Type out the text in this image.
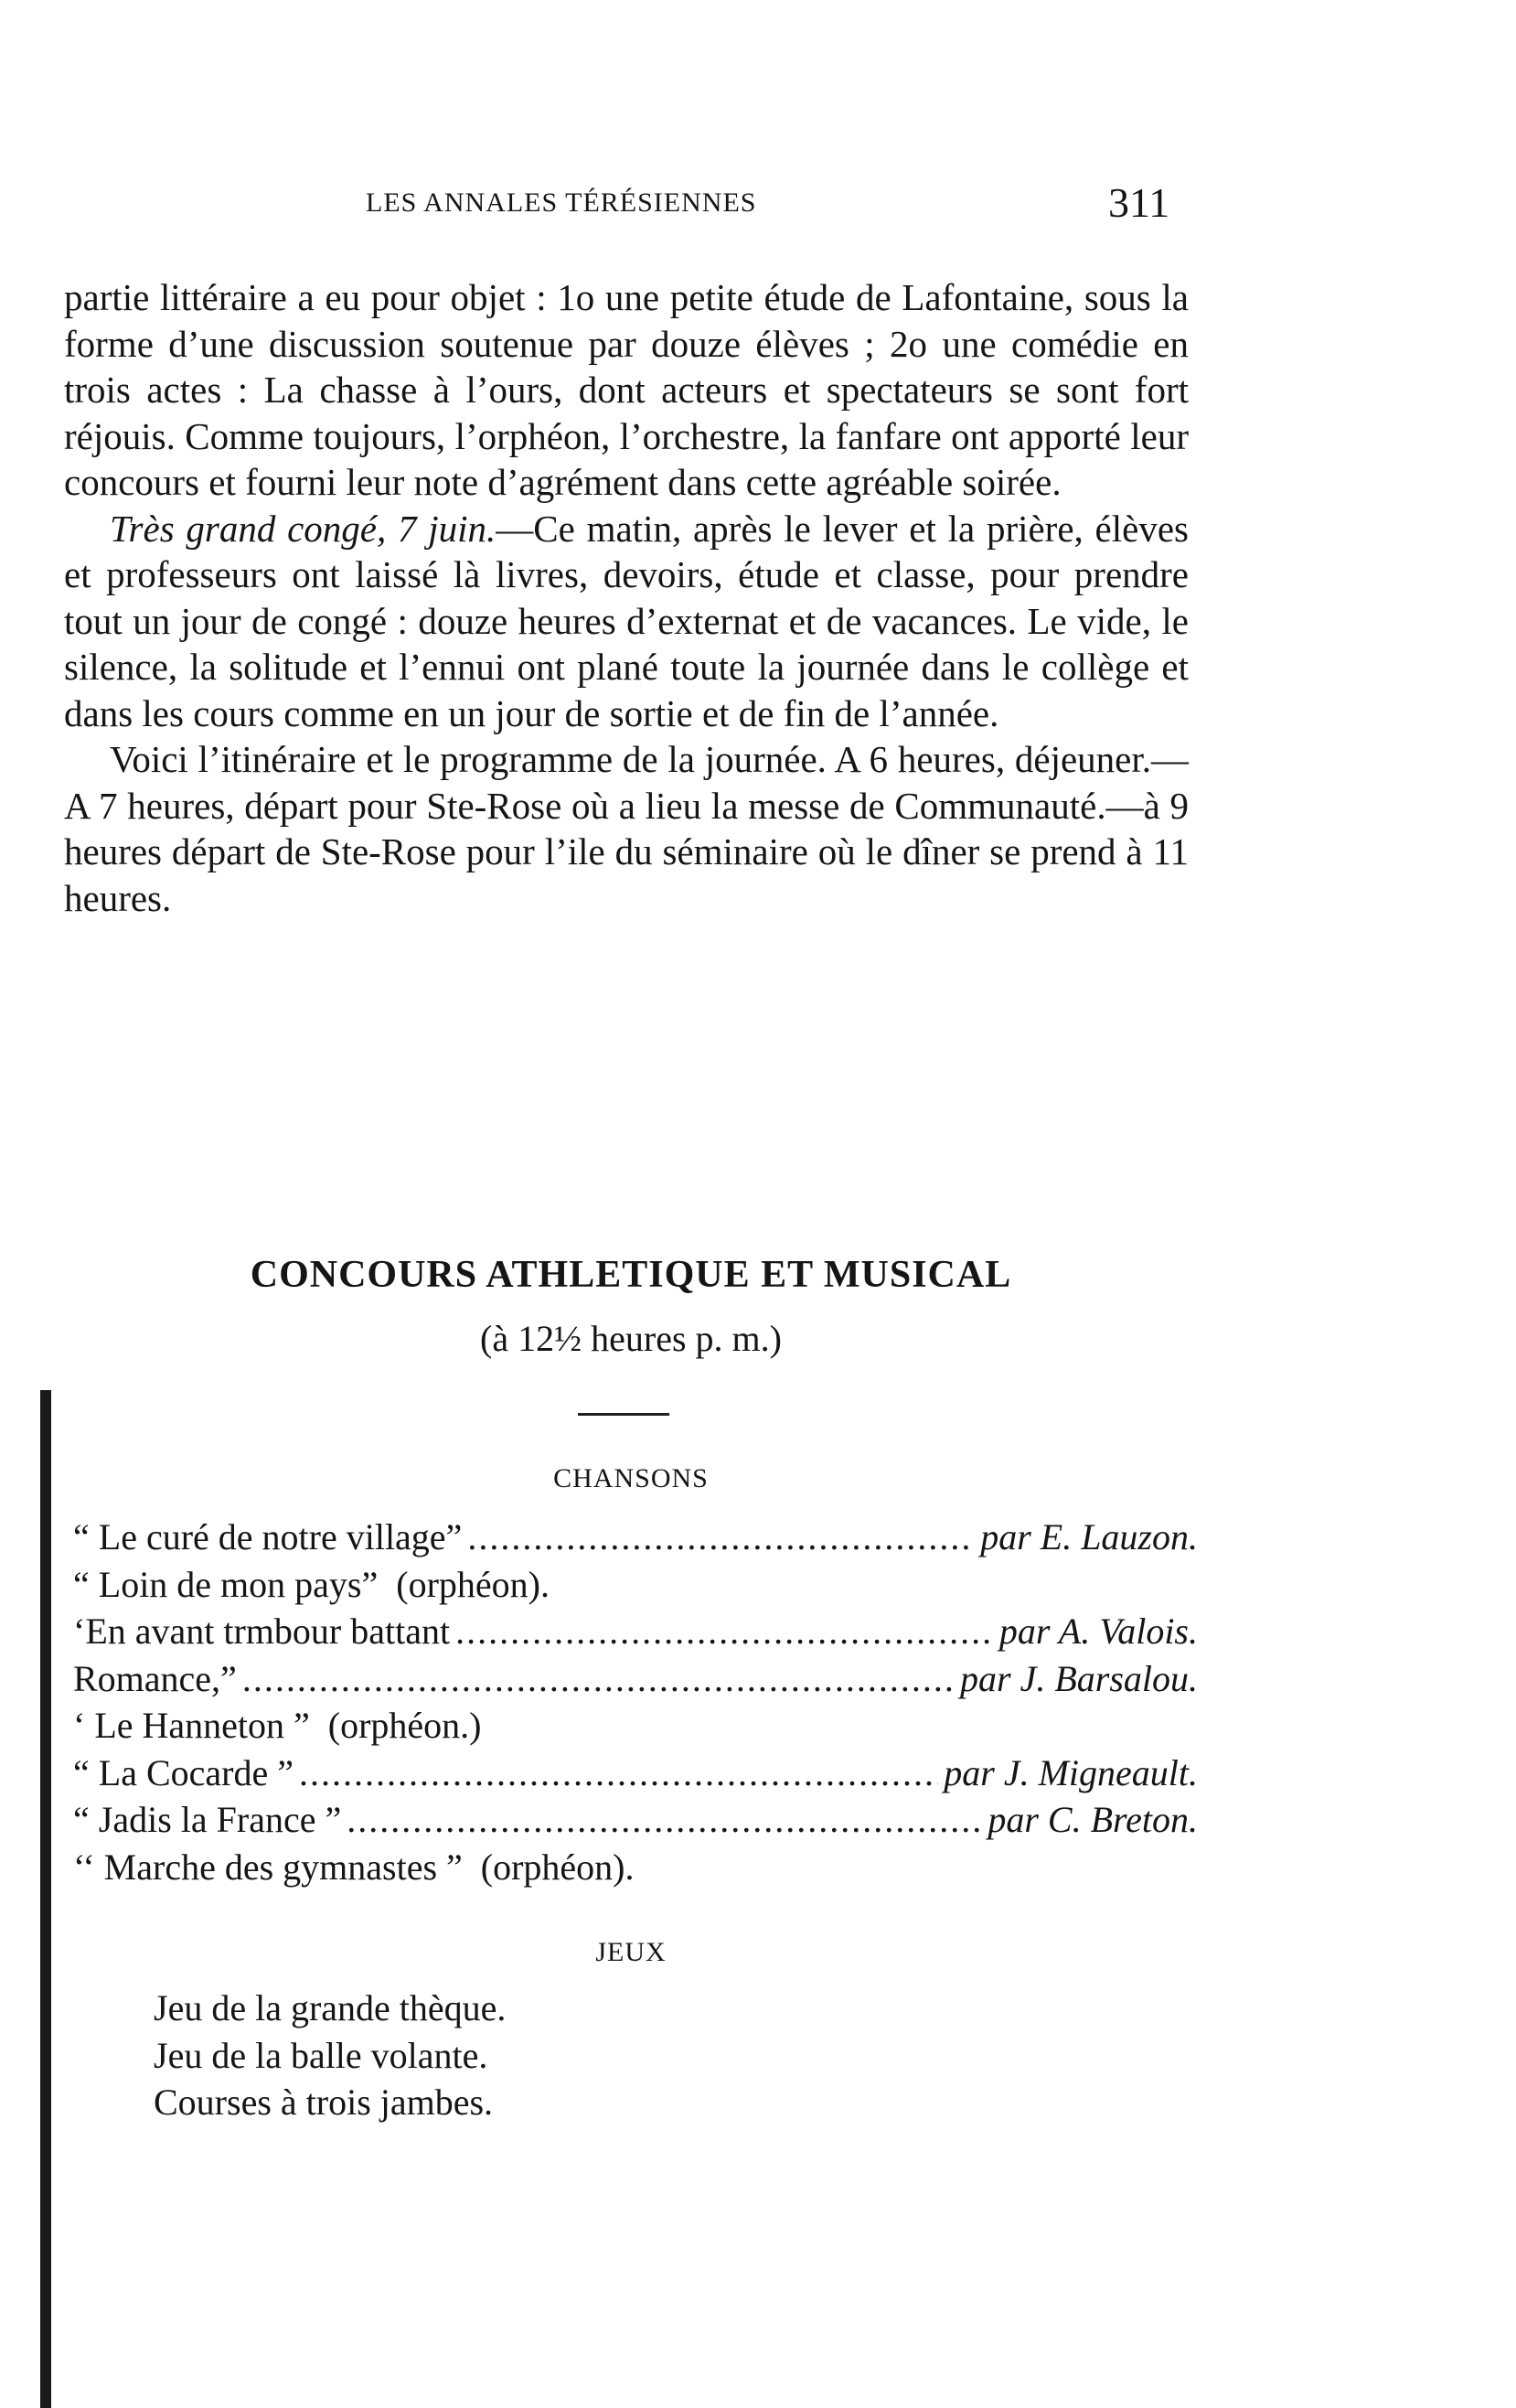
LES ANNALES TÉRÉSIENNES	311

partie littéraire a eu pour objet : 1o une petite étude de Lafontaine, sous la forme d’une discussion soutenue par douze élèves ; 2o une comédie en trois actes : La chasse à l’ours, dont acteurs et spectateurs se sont fort réjouis. Comme toujours, l’orphéon, l’orchestre, la fanfare ont apporté leur concours et fourni leur note d’agrément dans cette agréable soirée.

Très grand congé, 7 juin.—Ce matin, après le lever et la prière, élèves et professeurs ont laissé là livres, devoirs, étude et classe, pour prendre tout un jour de congé : douze heures d’externat et de vacances. Le vide, le silence, la solitude et l’ennui ont plané toute la journée dans le collège et dans les cours comme en un jour de sortie et de fin de l’année.

Voici l’itinéraire et le programme de la journée. A 6 heures, déjeuner.—A 7 heures, départ pour Ste-Rose où a lieu la messe de Communauté.—à 9 heures départ de Ste-Rose pour l’ile du séminaire où le dîner se prend à 11 heures.

CONCOURS ATHLETIQUE ET MUSICAL
(à 12½ heures p. m.)
CHANSONS
“ Le curé de notre village” .....	par E. Lauzon.
“ Loin de mon pays” (orphéon).
‘En avant trmbour battant .....	par A. Valois.
Romance,” .....	par J. Barsalou.
‘ Le Hanneton ” (orphéon.)
“ La Cocarde ” .....	par J. Migneault.
“ Jadis la France ” .....	par C. Breton.
‘‘ Marche des gymnastes ” (orphéon).
JEUX
Jeu de la grande thèque.
Jeu de la balle volante.
Courses à trois jambes.
